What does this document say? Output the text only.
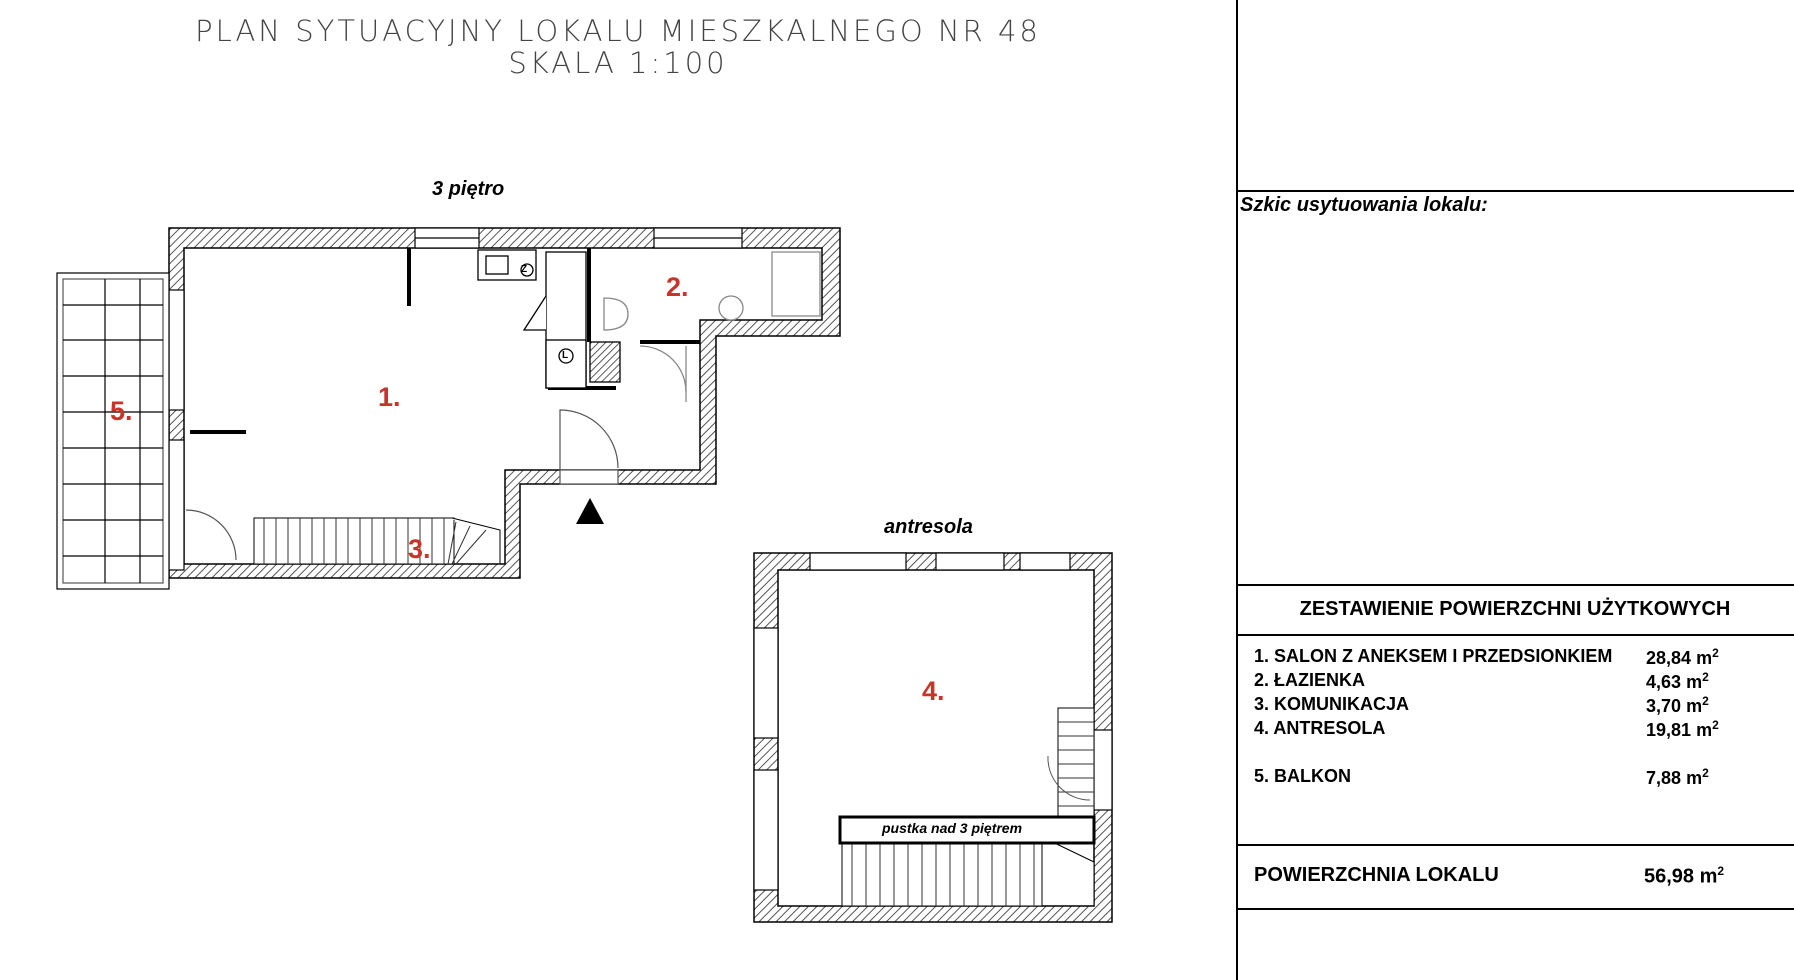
PLAN SYTUACYJNY LOKALU MIESZKALNEGO NR 48
SKALA 1:100
3 piętro
antresola
1.
2.
3.
4.
5.
Z
L
pustka nad 3 piętrem
Szkic usytuowania lokalu:
ZESTAWIENIE POWIERZCHNI UŻYTKOWYCH
1. SALON Z ANEKSEM I PRZEDSIONKIEM 28,84 $m^2$
2. ŁAZIENKA	4,63 $m^2$
3. KOMUNIKACJA	3,70 $m^2$
4. ANTRESOLA	19,81 $m^2$
5. BALKON	7,88 $m^2$
POWIERZCHNIA LOKALU	56,98 $m^2$
